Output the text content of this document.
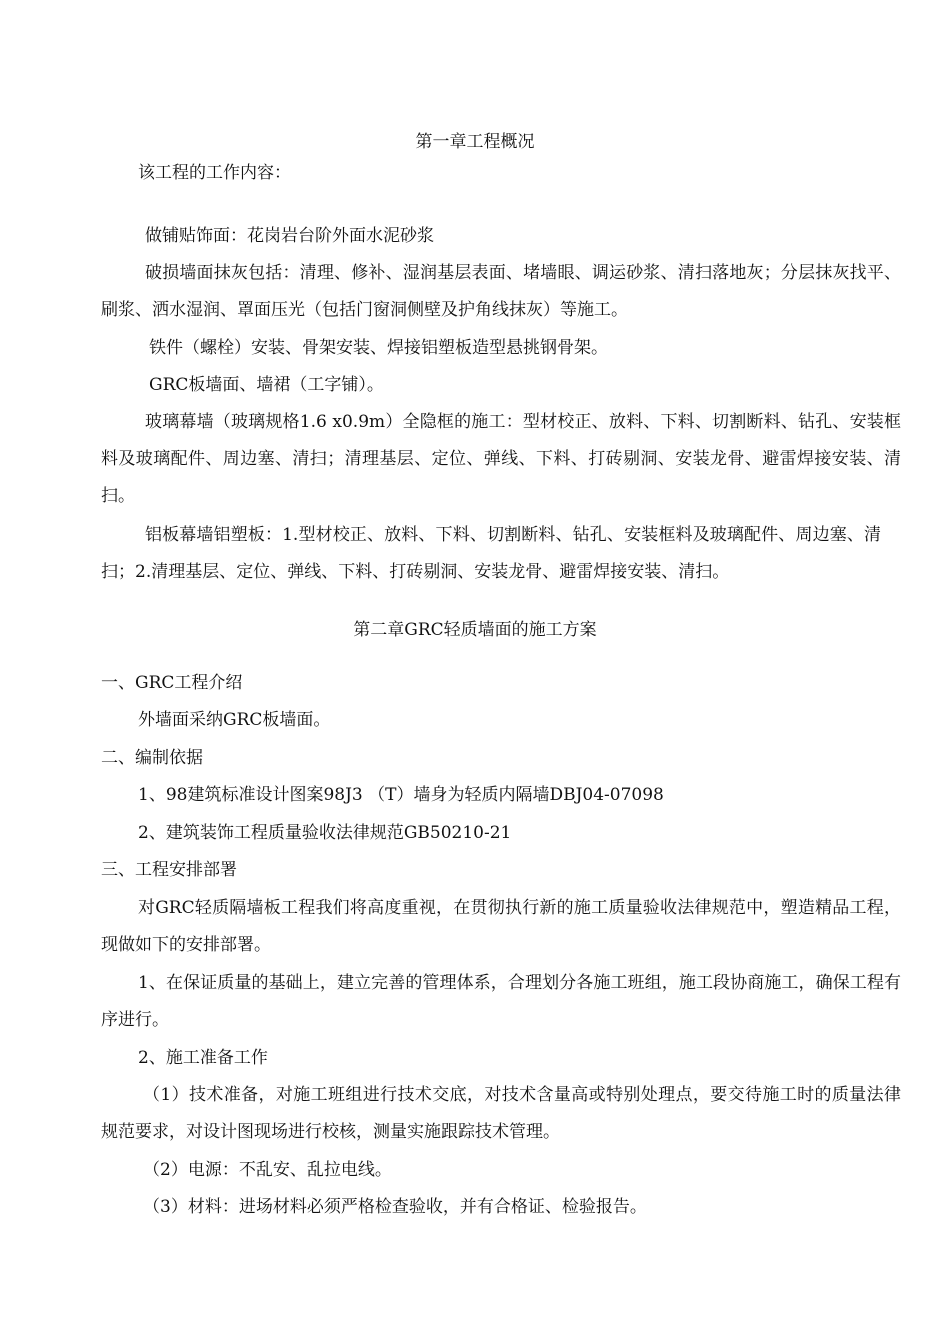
第一章工程概况
该工程的工作内容：
做铺贴饰面：花岗岩台阶外面水泥砂浆
破损墙面抹灰包括：清理、修补、湿润基层表面、堵墙眼、调运砂浆、清扫落地灰；分层抹灰找平、刷浆、洒水湿润、罩面压光（包括门窗洞侧壁及护角线抹灰）等施工。
铁件（螺栓）安装、骨架安装、焊接铝塑板造型悬挑钢骨架。
GRC板墙面、墙裙（工字铺）。
玻璃幕墙（玻璃规格1.6 x0.9m）全隐框的施工：型材校正、放料、下料、切割断料、钻孔、安装框料及玻璃配件、周边塞、清扫；清理基层、定位、弹线、下料、打砖剔洞、安装龙骨、避雷焊接安装、清扫。
铝板幕墙铝塑板：1.型材校正、放料、下料、切割断料、钻孔、安装框料及玻璃配件、周边塞、清扫；2.清理基层、定位、弹线、下料、打砖剔洞、安装龙骨、避雷焊接安装、清扫。
第二章GRC轻质墙面的施工方案
一、GRC工程介绍
外墙面采纳GRC板墙面。
二、编制依据
1、98建筑标准设计图案98J3 （T）墙身为轻质内隔墙DBJ04-07098
2、建筑装饰工程质量验收法律规范GB50210-21
三、工程安排部署
对GRC轻质隔墙板工程我们将高度重视，在贯彻执行新的施工质量验收法律规范中，塑造精品工程，现做如下的安排部署。
1、在保证质量的基础上，建立完善的管理体系，合理划分各施工班组，施工段协商施工，确保工程有序进行。
2、施工准备工作
（1）技术准备，对施工班组进行技术交底，对技术含量高或特别处理点，要交待施工时的质量法律规范要求，对设计图现场进行校核，测量实施跟踪技术管理。
（2）电源：不乱安、乱拉电线。
（3）材料：进场材料必须严格检查验收，并有合格证、检验报告。
